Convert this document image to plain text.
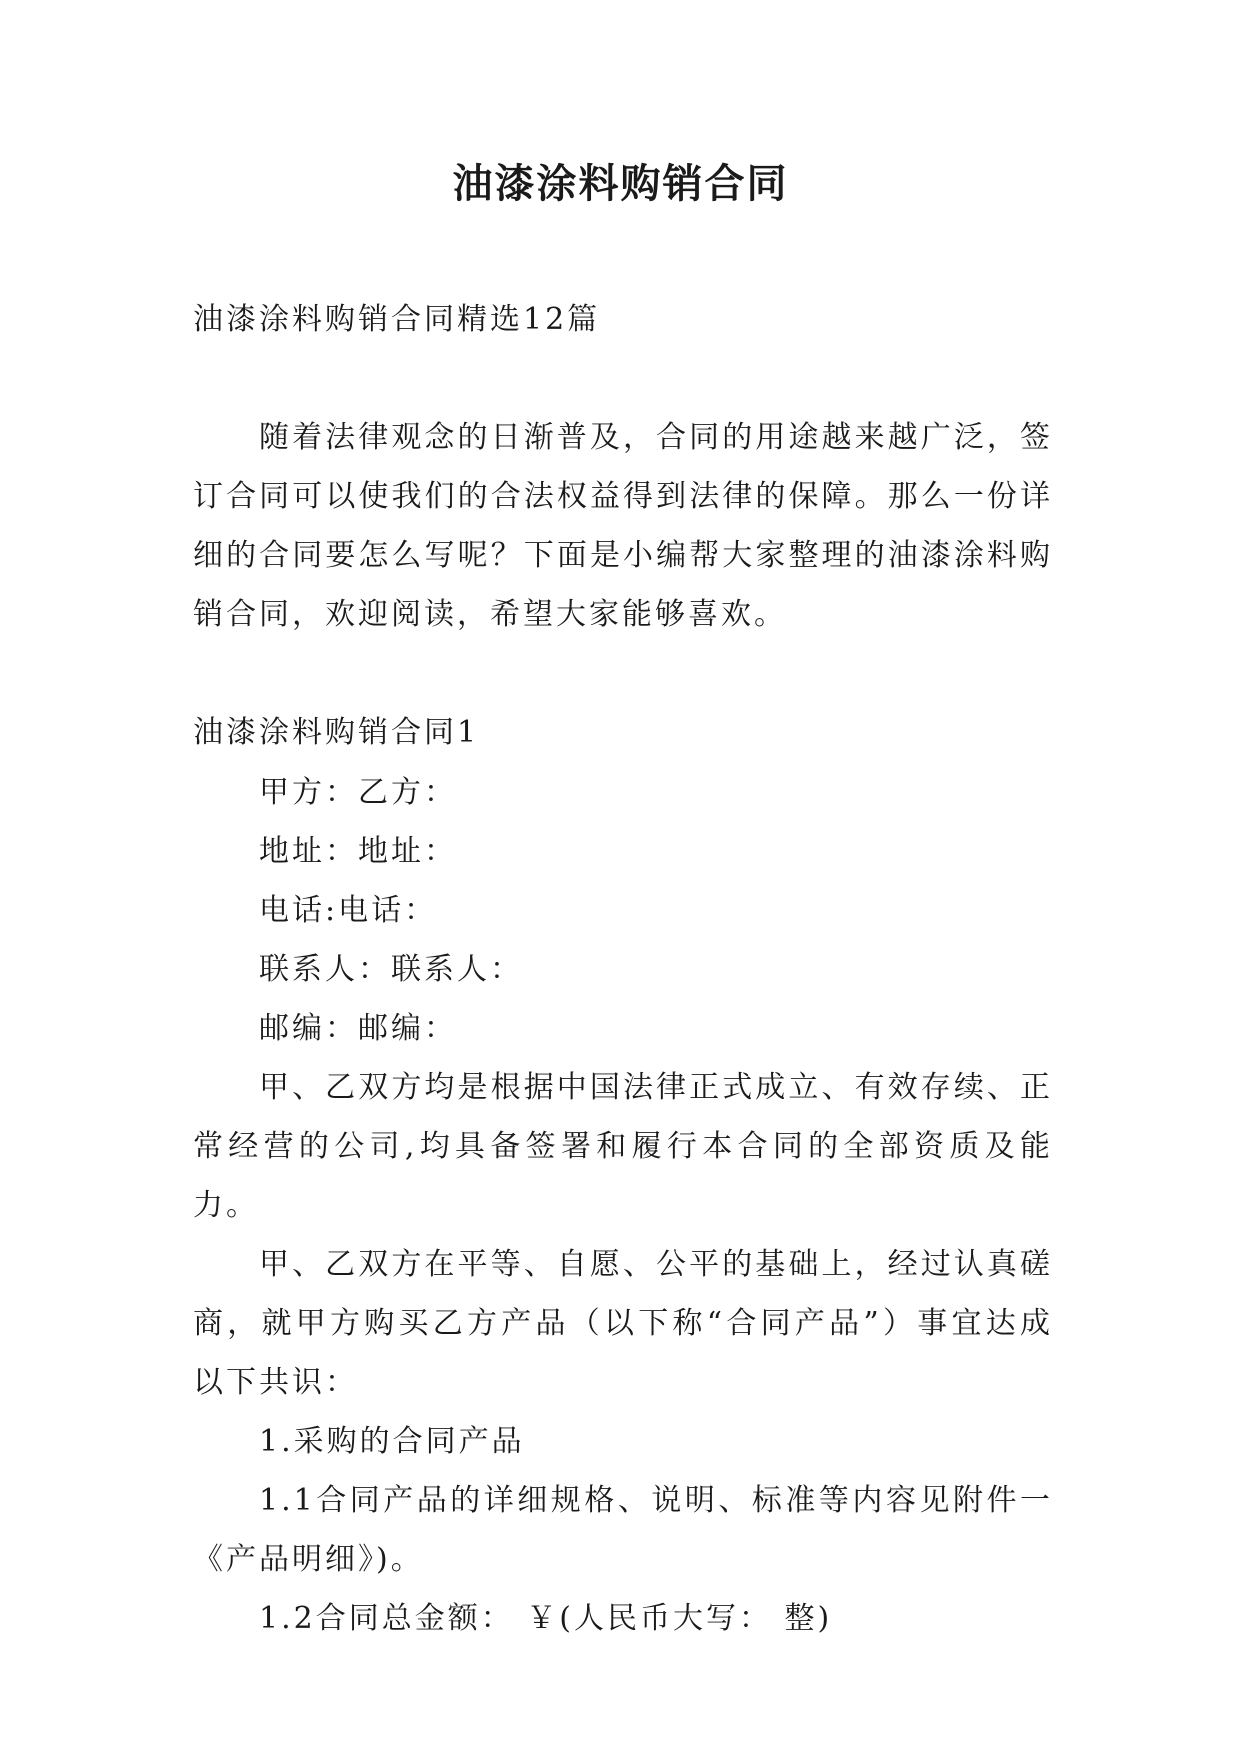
油漆涂料购销合同

油漆涂料购销合同精选12篇

随着法律观念的日渐普及，合同的用途越来越广泛，签订合同可以使我们的合法权益得到法律的保障。那么一份详细的合同要怎么写呢？下面是小编帮大家整理的油漆涂料购销合同，欢迎阅读，希望大家能够喜欢。

油漆涂料购销合同1

甲方：乙方：

地址：地址：

电话:电话：

联系人：联系人：

邮编：邮编：

甲、乙双方均是根据中国法律正式成立、有效存续、正常经营的公司,均具备签署和履行本合同的全部资质及能力。

甲、乙双方在平等、自愿、公平的基础上，经过认真磋商，就甲方购买乙方产品（以下称“合同产品”）事宜达成以下共识：

1.采购的合同产品

1.1合同产品的详细规格、说明、标准等内容见附件一《产品明细》)。

1.2合同总金额： ￥(人民币大写： 整)
